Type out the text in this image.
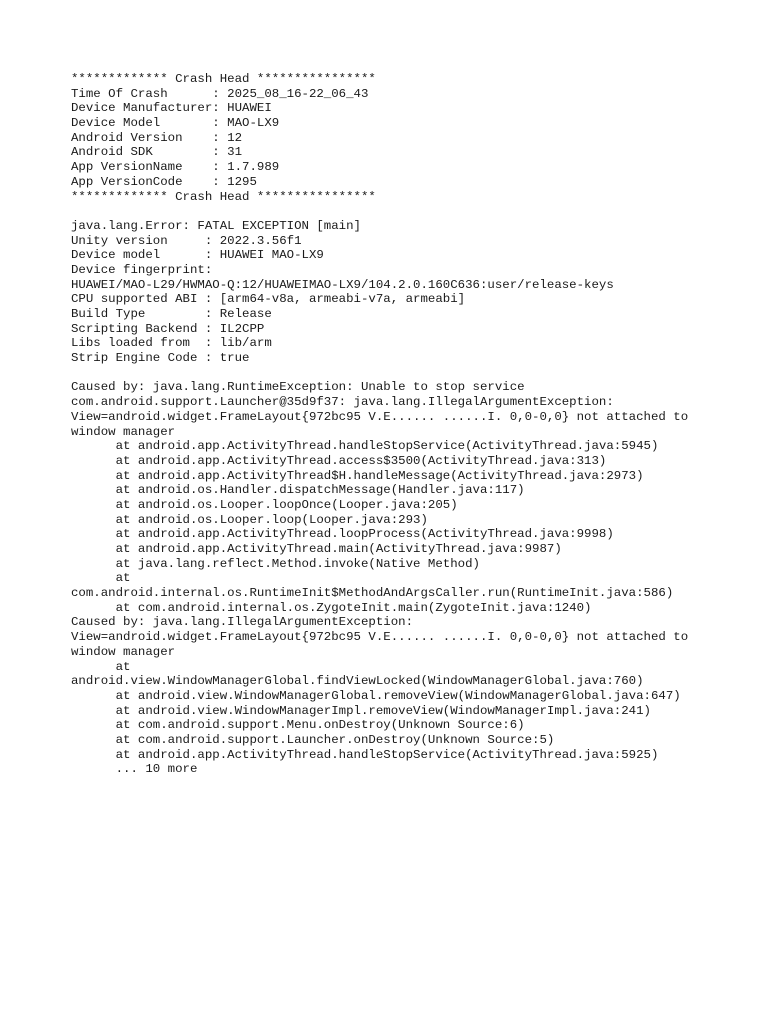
************* Crash Head ****************
Time Of Crash      : 2025_08_16-22_06_43
Device Manufacturer: HUAWEI
Device Model       : MAO-LX9
Android Version    : 12
Android SDK        : 31
App VersionName    : 1.7.989
App VersionCode    : 1295
************* Crash Head ****************
java.lang.Error: FATAL EXCEPTION [main]
Unity version     : 2022.3.56f1
Device model      : HUAWEI MAO-LX9
Device fingerprint:
HUAWEI/MAO-L29/HWMAO-Q:12/HUAWEIMAO-LX9/104.2.0.160C636:user/release-keys
CPU supported ABI : [arm64-v8a, armeabi-v7a, armeabi]
Build Type        : Release
Scripting Backend : IL2CPP
Libs loaded from  : lib/arm
Strip Engine Code : true
Caused by: java.lang.RuntimeException: Unable to stop service
com.android.support.Launcher@35d9f37: java.lang.IllegalArgumentException:
View=android.widget.FrameLayout{972bc95 V.E...... ......I. 0,0-0,0} not attached to
window manager
at android.app.ActivityThread.handleStopService(ActivityThread.java:5945)
at android.app.ActivityThread.access$3500(ActivityThread.java:313)
at android.app.ActivityThread$H.handleMessage(ActivityThread.java:2973)
at android.os.Handler.dispatchMessage(Handler.java:117)
at android.os.Looper.loopOnce(Looper.java:205)
at android.os.Looper.loop(Looper.java:293)
at android.app.ActivityThread.loopProcess(ActivityThread.java:9998)
at android.app.ActivityThread.main(ActivityThread.java:9987)
at java.lang.reflect.Method.invoke(Native Method)
at
com.android.internal.os.RuntimeInit$MethodAndArgsCaller.run(RuntimeInit.java:586)
at com.android.internal.os.ZygoteInit.main(ZygoteInit.java:1240)
Caused by: java.lang.IllegalArgumentException:
View=android.widget.FrameLayout{972bc95 V.E...... ......I. 0,0-0,0} not attached to
window manager
at
android.view.WindowManagerGlobal.findViewLocked(WindowManagerGlobal.java:760)
at android.view.WindowManagerGlobal.removeView(WindowManagerGlobal.java:647)
at android.view.WindowManagerImpl.removeView(WindowManagerImpl.java:241)
at com.android.support.Menu.onDestroy(Unknown Source:6)
at com.android.support.Launcher.onDestroy(Unknown Source:5)
at android.app.ActivityThread.handleStopService(ActivityThread.java:5925)
... 10 more
